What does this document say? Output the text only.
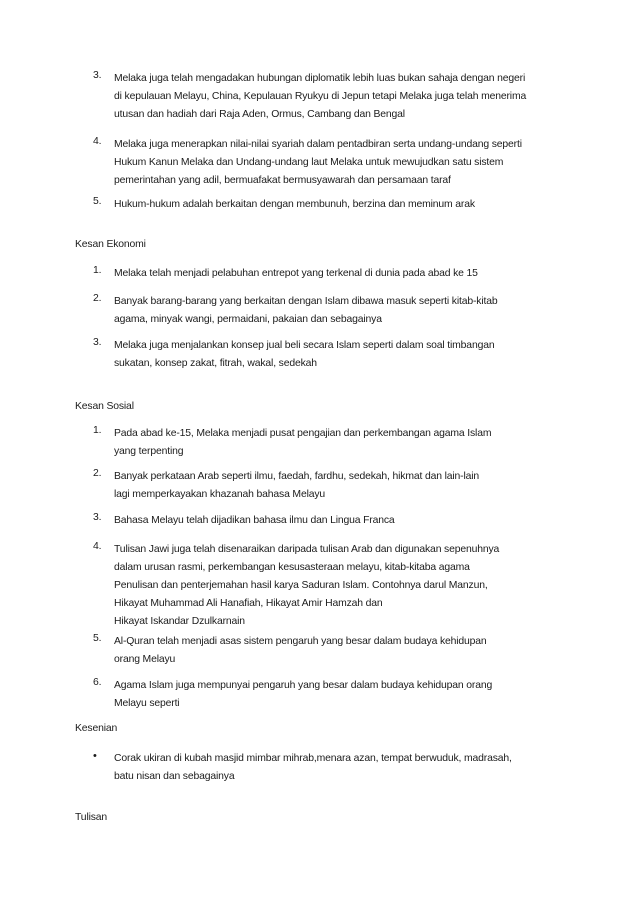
3.	Melaka juga telah mengadakan hubungan diplomatik lebih luas bukan sahaja dengan negeri
di kepulauan Melayu, China, Kepulauan Ryukyu di Jepun tetapi Melaka juga telah menerima
utusan dan hadiah dari Raja Aden, Ormus, Cambang dan Bengal
4.	Melaka juga menerapkan nilai-nilai syariah dalam pentadbiran serta undang-undang seperti
Hukum Kanun Melaka dan Undang-undang laut Melaka untuk mewujudkan satu sistem
pemerintahan yang adil, bermuafakat bermusyawarah dan persamaan taraf
5.	Hukum-hukum adalah berkaitan dengan membunuh, berzina dan meminum arak
Kesan Ekonomi
1.	Melaka telah menjadi pelabuhan entrepot yang terkenal di dunia pada abad ke 15
2.	Banyak barang-barang yang berkaitan dengan Islam dibawa masuk seperti kitab-kitab
agama, minyak wangi, permaidani, pakaian dan sebagainya
3.	Melaka juga menjalankan konsep jual beli secara Islam seperti dalam soal timbangan
sukatan, konsep zakat, fitrah, wakal, sedekah
Kesan Sosial
1.	Pada abad ke-15, Melaka menjadi pusat pengajian dan perkembangan agama Islam
yang terpenting
2.	Banyak perkataan Arab seperti ilmu, faedah, fardhu, sedekah, hikmat dan lain-lain
lagi memperkayakan khazanah bahasa Melayu
3.	Bahasa Melayu telah dijadikan bahasa ilmu dan Lingua Franca
4.	Tulisan Jawi juga telah disenaraikan daripada tulisan Arab dan digunakan sepenuhnya
dalam urusan rasmi, perkembangan kesusasteraan melayu, kitab-kitaba agama
Penulisan dan penterjemahan hasil karya Saduran Islam. Contohnya darul Manzun,
Hikayat Muhammad Ali Hanafiah, Hikayat Amir Hamzah dan
Hikayat Iskandar Dzulkarnain
5.	Al-Quran telah menjadi asas sistem pengaruh yang besar dalam budaya kehidupan
orang Melayu
6.	Agama Islam juga mempunyai pengaruh yang besar dalam budaya kehidupan orang
Melayu seperti
Kesenian
•	Corak ukiran di kubah masjid mimbar mihrab,menara azan, tempat berwuduk, madrasah,
batu nisan dan sebagainya
Tulisan
